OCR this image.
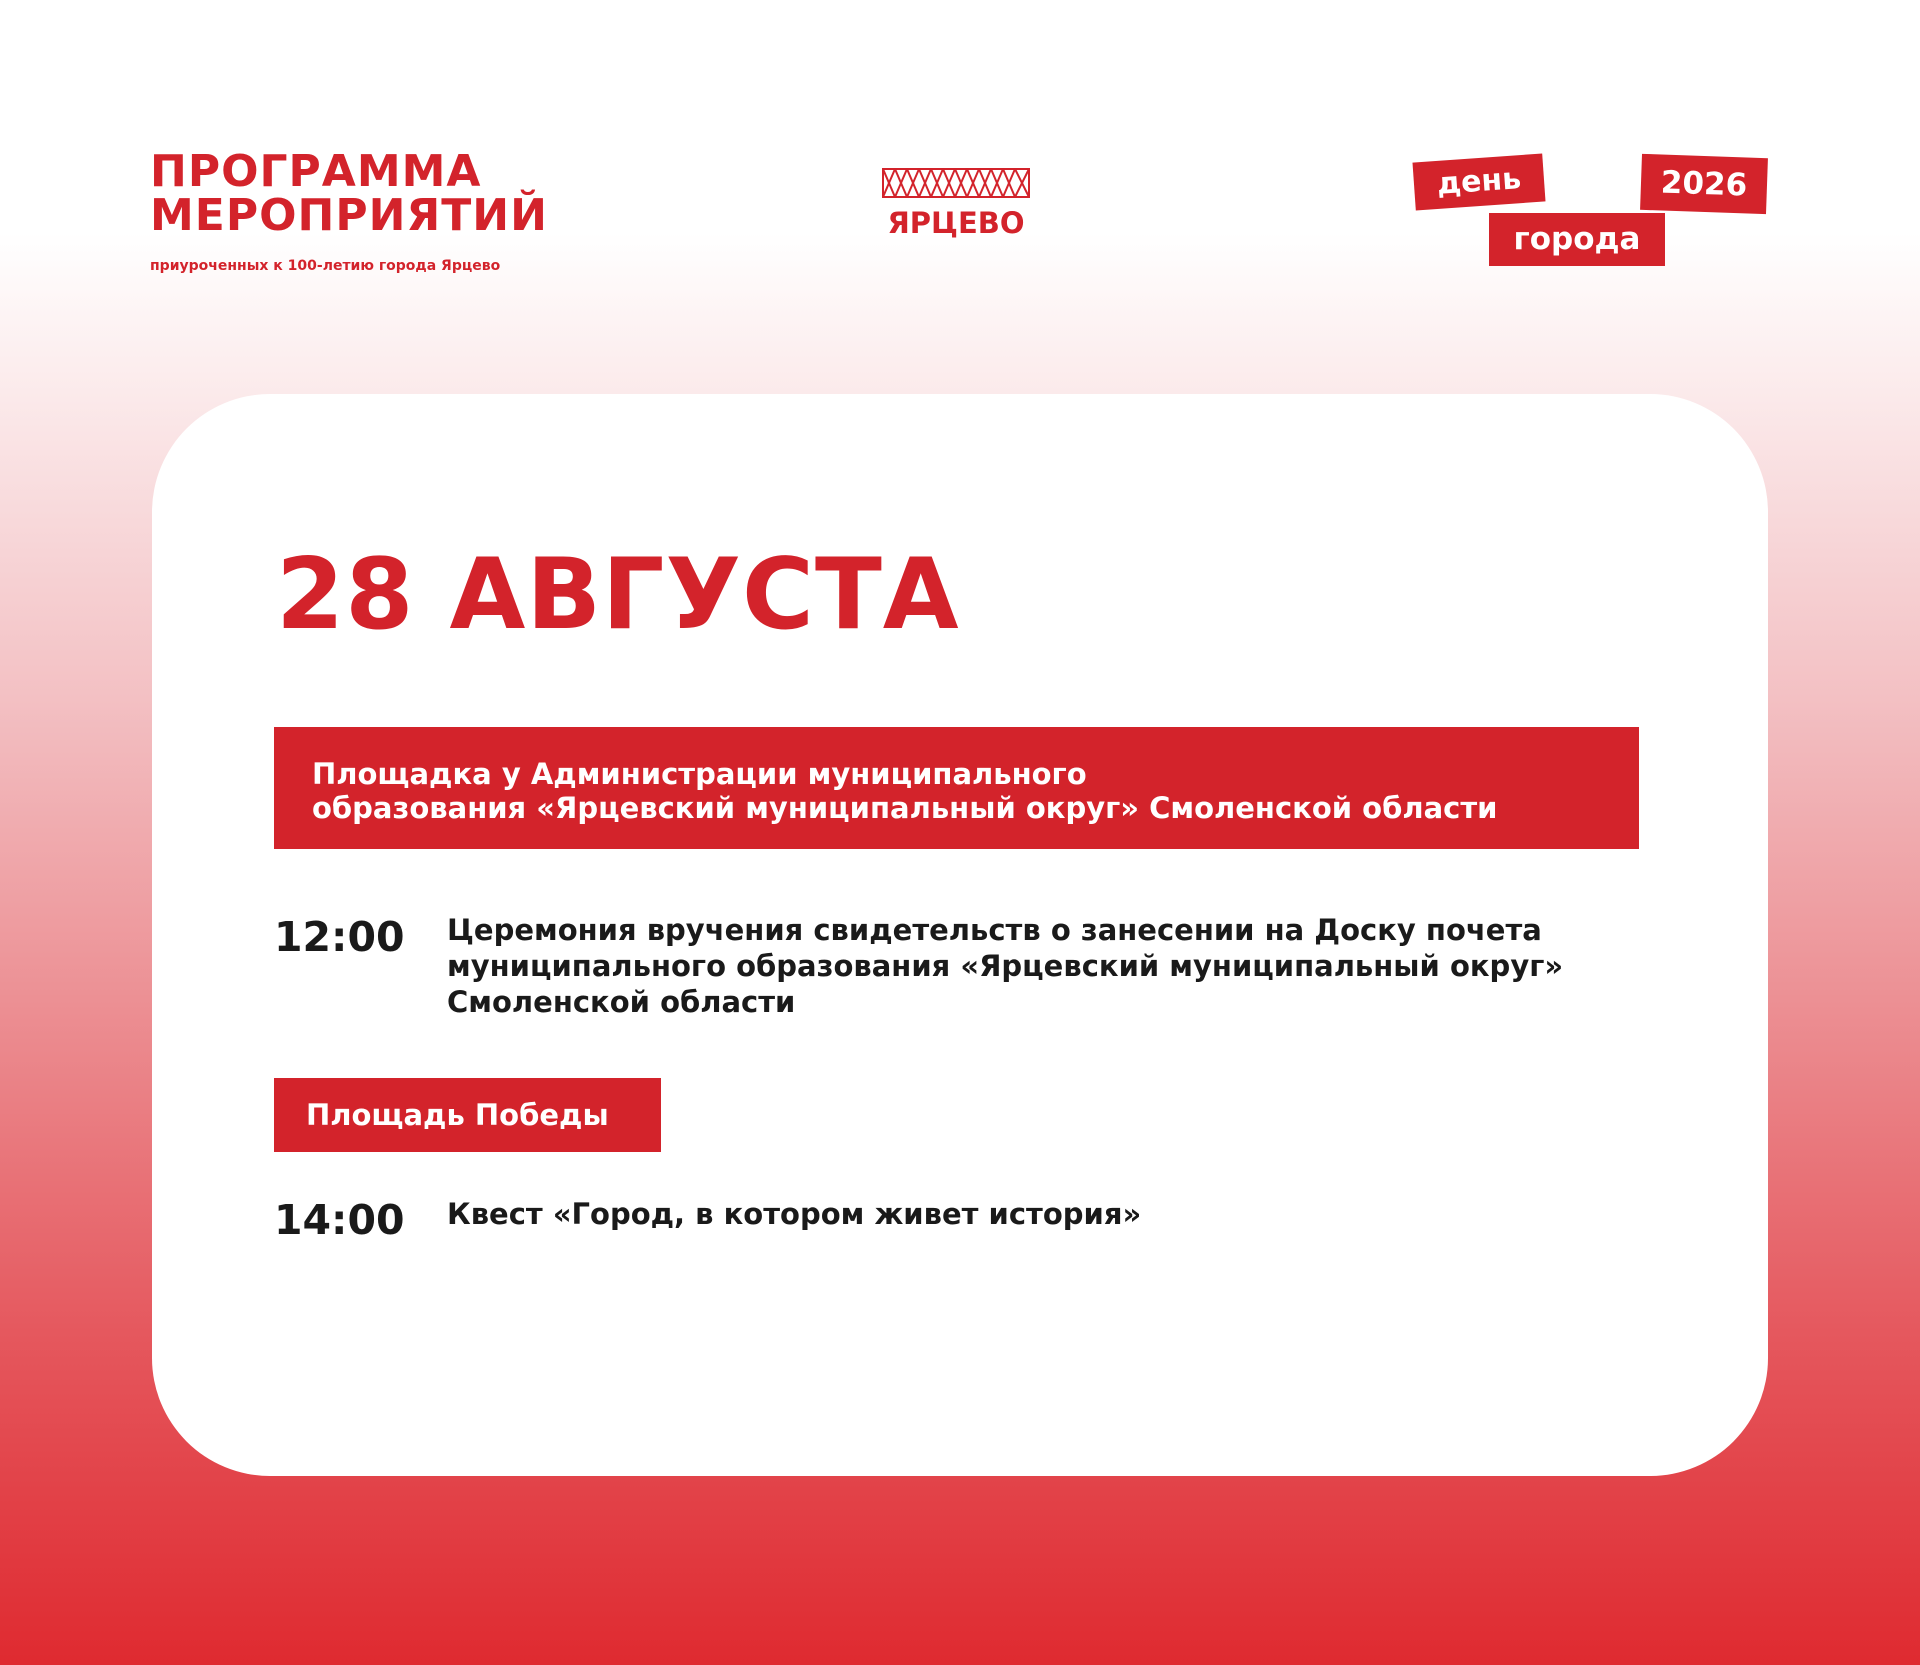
ПРОГРАММА
МЕРОПРИЯТИЙ
приуроченных к 100-летию города Ярцево
ЯРЦЕВО
день	2026
города
28 АВГУСТА
Площадка у Администрации муниципального
образования «Ярцевский муниципальный округ» Смоленской области
12:00 Церемония вручения свидетельств о занесении на Доску почета
муниципального образования «Ярцевский муниципальный округ»
Смоленской области
Площадь Победы
14:00 Квест «Город, в котором живет история»
